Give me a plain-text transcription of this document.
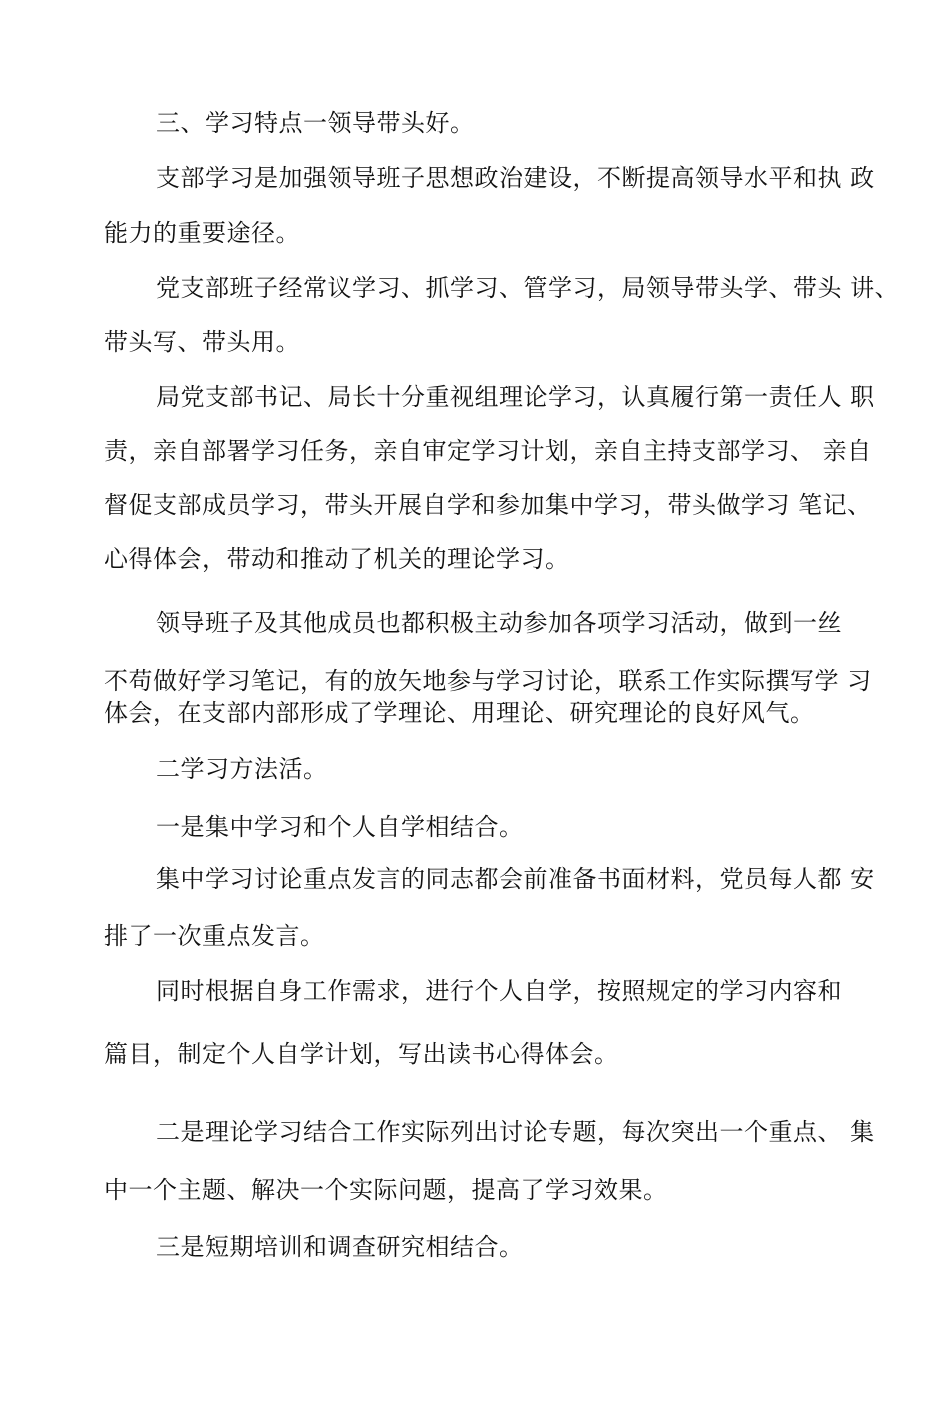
三、学习特点一领导带头好。
支部学习是加强领导班子思想政治建设，不断提高领导水平和执 政
能力的重要途径。
党支部班子经常议学习、抓学习、管学习，局领导带头学、带头 讲、
带头写、带头用。
局党支部书记、局长十分重视组理论学习，认真履行第一责任人 职
责，亲自部署学习任务，亲自审定学习计划，亲自主持支部学习、 亲自
督促支部成员学习，带头开展自学和参加集中学习，带头做学习 笔记、
心得体会，带动和推动了机关的理论学习。
领导班子及其他成员也都积极主动参加各项学习活动，做到一丝
不苟做好学习笔记，有的放矢地参与学习讨论，联系工作实际撰写学 习
体会，在支部内部形成了学理论、用理论、研究理论的良好风气。
二学习方法活。
一是集中学习和个人自学相结合。
集中学习讨论重点发言的同志都会前准备书面材料，党员每人都 安
排了一次重点发言。
同时根据自身工作需求，进行个人自学，按照规定的学习内容和
篇目，制定个人自学计划，写出读书心得体会。
二是理论学习结合工作实际列出讨论专题，每次突出一个重点、 集
中一个主题、解决一个实际问题，提高了学习效果。
三是短期培训和调查研究相结合。
